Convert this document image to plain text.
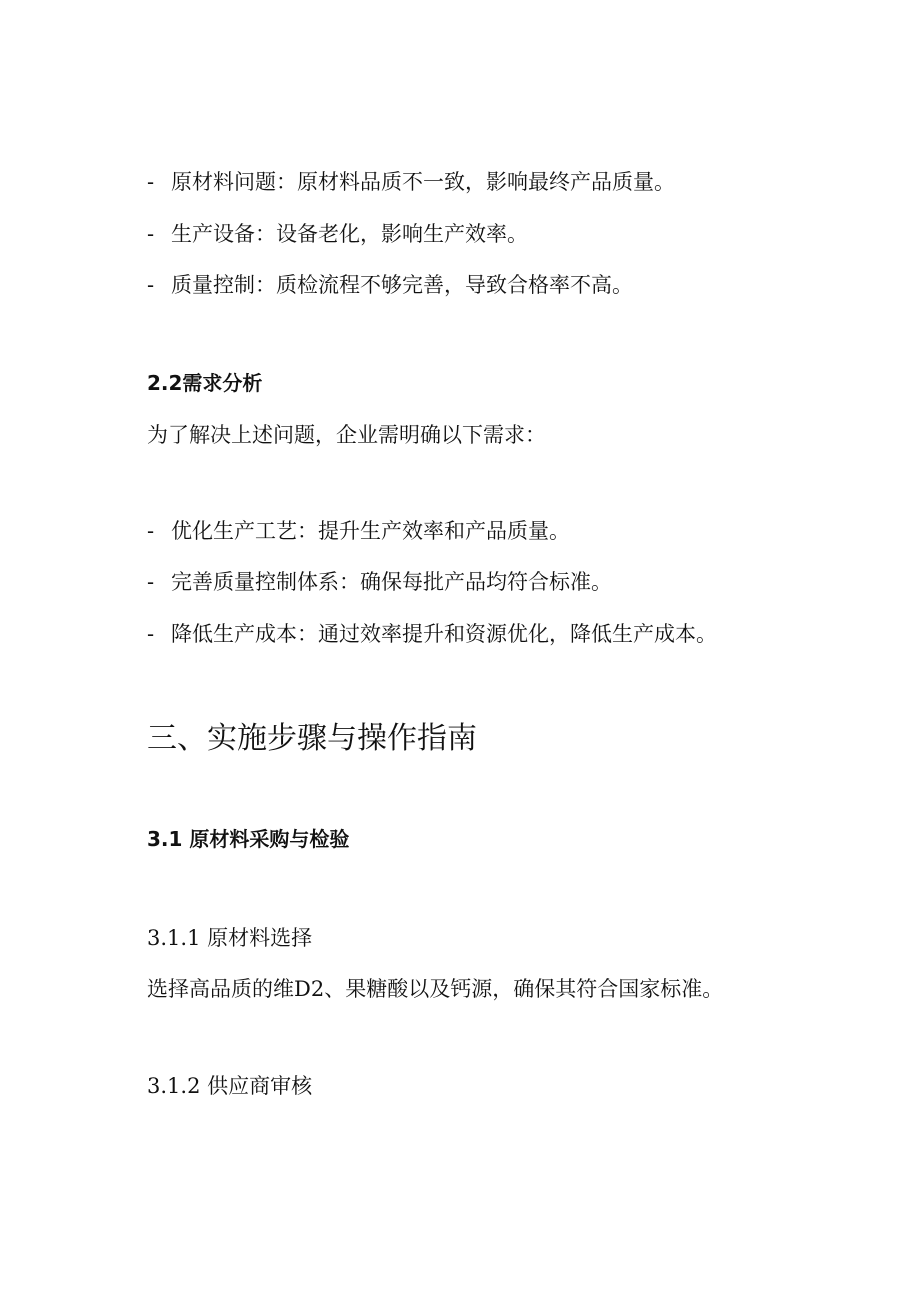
- 原材料问题：原材料品质不一致，影响最终产品质量。
- 生产设备：设备老化，影响生产效率。
- 质量控制：质检流程不够完善，导致合格率不高。
2.2需求分析
为了解决上述问题，企业需明确以下需求：
- 优化生产工艺：提升生产效率和产品质量。
- 完善质量控制体系：确保每批产品均符合标准。
- 降低生产成本：通过效率提升和资源优化，降低生产成本。
三、实施步骤与操作指南
3.1 原材料采购与检验
3.1.1 原材料选择
选择高品质的维D2、果糖酸以及钙源，确保其符合国家标准。
3.1.2 供应商审核
